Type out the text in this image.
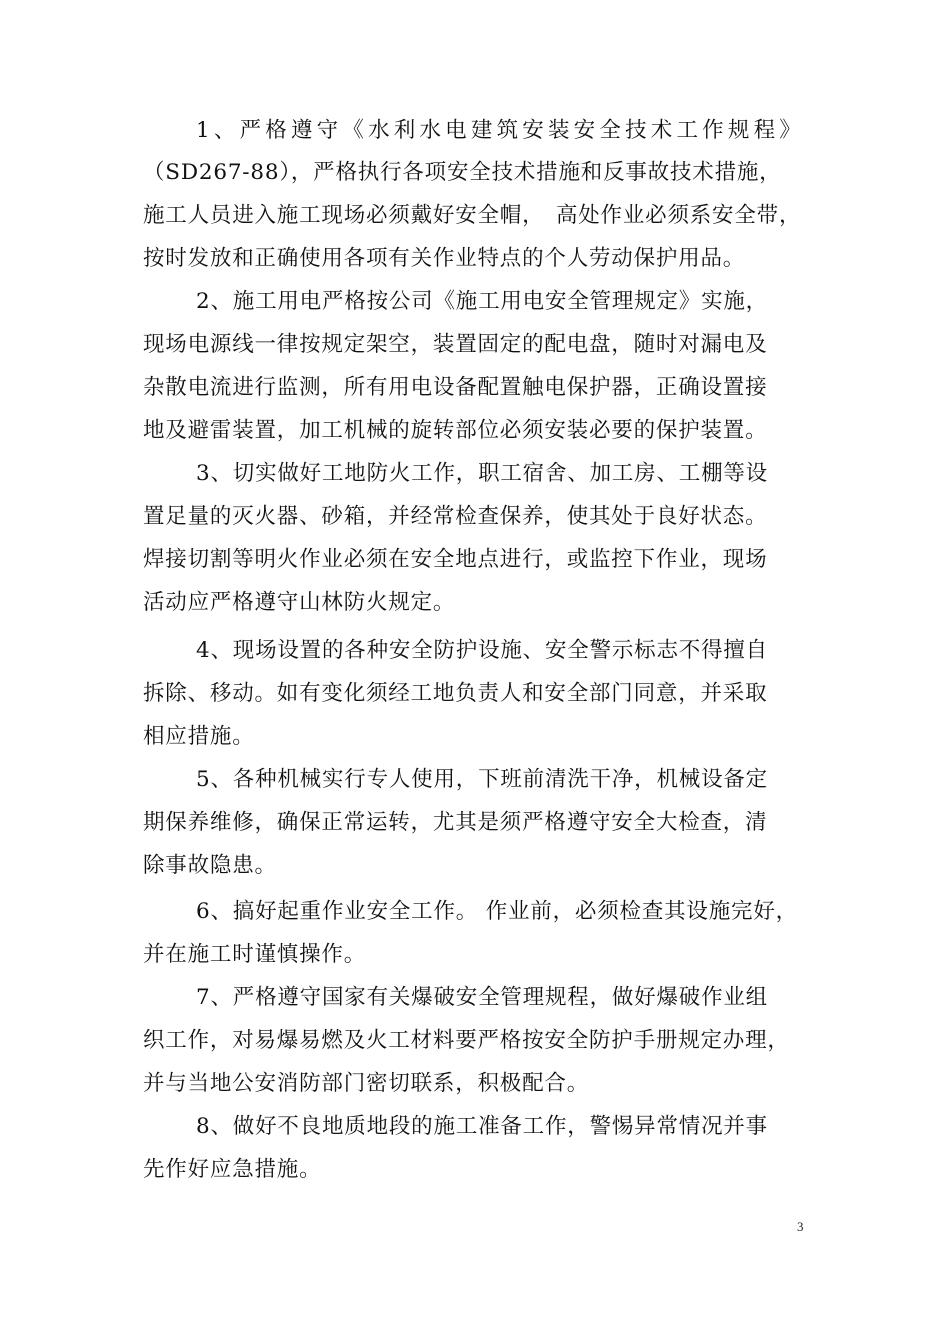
1、严格遵守《水利水电建筑安装安全技术工作规程》
（SD267-88），严格执行各项安全技术措施和反事故技术措施，
施工人员进入施工现场必须戴好安全帽，　高处作业必须系安全带，
按时发放和正确使用各项有关作业特点的个人劳动保护用品。
2、施工用电严格按公司《施工用电安全管理规定》实施，
现场电源线一律按规定架空，装置固定的配电盘，随时对漏电及
杂散电流进行监测，所有用电设备配置触电保护器，正确设置接
地及避雷装置，加工机械的旋转部位必须安装必要的保护装置。
3、切实做好工地防火工作，职工宿舍、加工房、工棚等设
置足量的灭火器、砂箱，并经常检查保养，使其处于良好状态。
焊接切割等明火作业必须在安全地点进行，或监控下作业，现场
活动应严格遵守山林防火规定。
4、现场设置的各种安全防护设施、安全警示标志不得擅自
拆除、移动。如有变化须经工地负责人和安全部门同意，并采取
相应措施。
5、各种机械实行专人使用，下班前清洗干净，机械设备定
期保养维修，确保正常运转，尤其是须严格遵守安全大检查，清
除事故隐患。
6、搞好起重作业安全工作。 作业前，必须检查其设施完好，
并在施工时谨慎操作。
7、严格遵守国家有关爆破安全管理规程，做好爆破作业组
织工作，对易爆易燃及火工材料要严格按安全防护手册规定办理，
并与当地公安消防部门密切联系，积极配合。
8、做好不良地质地段的施工准备工作，警惕异常情况并事
先作好应急措施。
3
